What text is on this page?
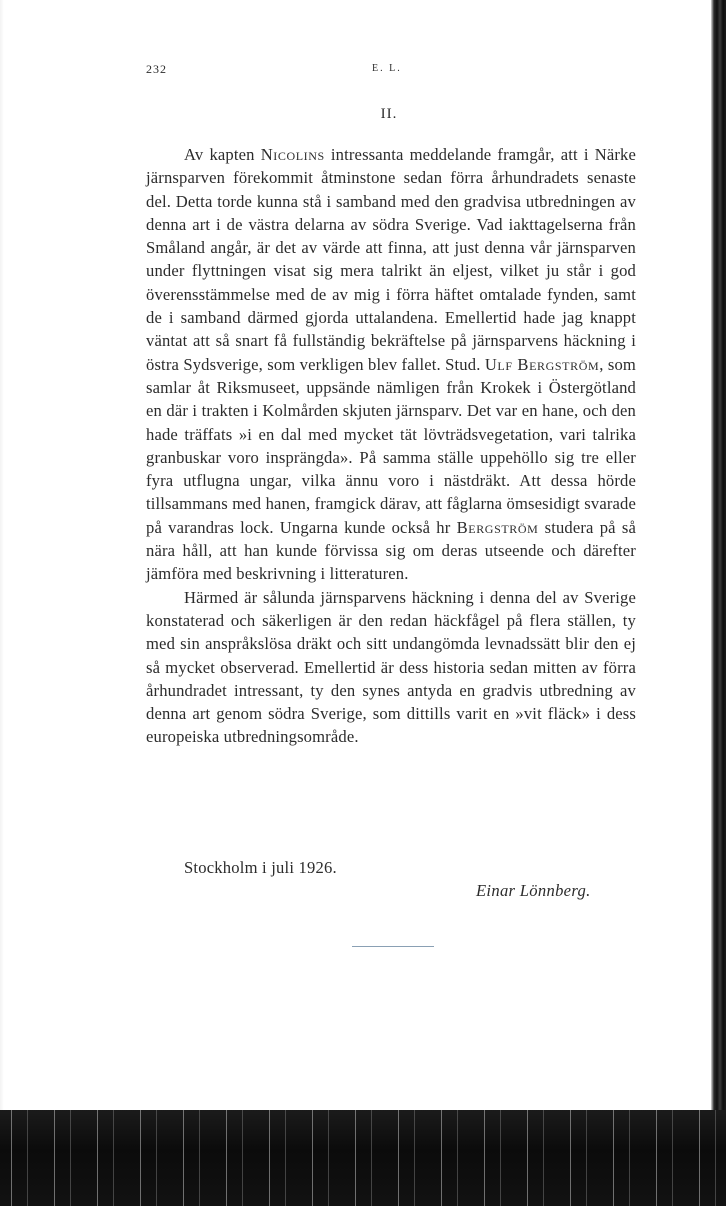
232	E. L.
II.

Av kapten Nicolins intressanta meddelande framgår, att i Närke järnsparven förekommit åtminstone sedan förra århundradets senaste del. Detta torde kunna stå i samband med den gradvisa utbredningen av denna art i de västra delarna av södra Sverige. Vad iakttagelserna från Småland angår, är det av värde att finna, att just denna vår järnsparven under flyttningen visat sig mera talrikt än eljest, vilket ju står i god överensstämmelse med de av mig i förra häftet omtalade fynden, samt de i samband därmed gjorda uttalandena. Emellertid hade jag knappt väntat att så snart få fullständig bekräftelse på järnsparvens häckning i östra Sydsverige, som verkligen blev fallet. Stud. Ulf Bergström, som samlar åt Riksmuseet, uppsände nämligen från Krokek i Östergötland en där i trakten i Kolmården skjuten järnsparv. Det var en hane, och den hade träffats »i en dal med mycket tät lövträdsvegetation, vari talrika granbuskar voro insprängda». På samma ställe uppehöllo sig tre eller fyra utflugna ungar, vilka ännu voro i nästdräkt. Att dessa hörde tillsammans med hanen, framgick därav, att fåglarna ömsesidigt svarade på varandras lock. Ungarna kunde också hr Bergström studera på så nära håll, att han kunde förvissa sig om deras utseende och därefter jämföra med beskrivning i litteraturen.

Härmed är sålunda järnsparvens häckning i denna del av Sverige konstaterad och säkerligen är den redan häckfågel på flera ställen, ty med sin anspråkslösa dräkt och sitt undangömda levnadssätt blir den ej så mycket observerad. Emellertid är dess historia sedan mitten av förra århundradet intressant, ty den synes antyda en gradvis utbredning av denna art genom södra Sverige, som dittills varit en »vit fläck» i dess europeiska utbredningsområde.

Stockholm i juli 1926.
Einar Lönnberg.
